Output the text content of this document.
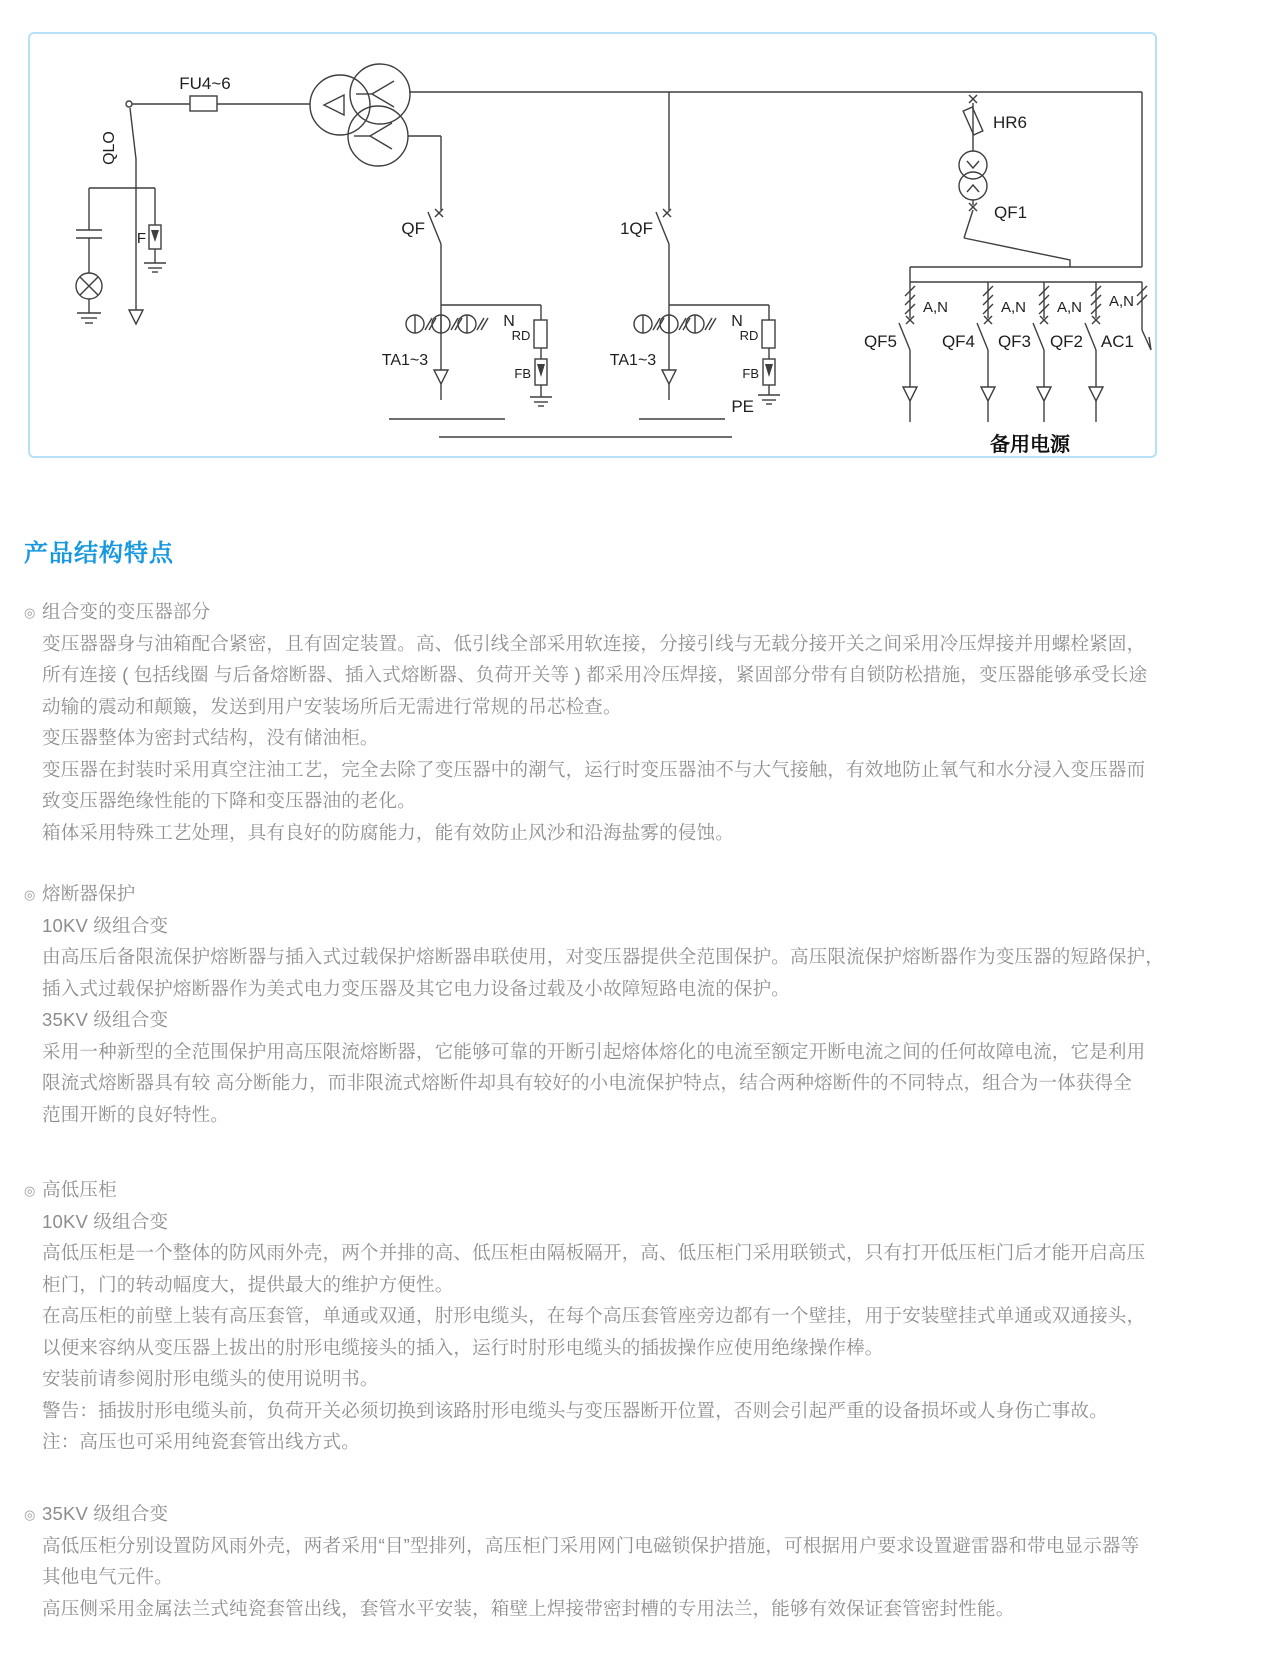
FU4~6
QLO
F
QF
TA1~3
N
RD
FB
1QF
TA1~3
N
RD
FB
PE
HR6
QF1
A,N	A,N A,N A,N
QF5	QF4 QF3 QF2 AC1
备用电源
产品结构特点
◎ 组合变的变压器部分
变压器器身与油箱配合紧密，且有固定装置。高、低引线全部采用软连接，分接引线与无载分接开关之间采用冷压焊接并用螺栓紧固，
所有连接 ( 包括线圈 与后备熔断器、插入式熔断器、负荷开关等 ) 都采用冷压焊接，紧固部分带有自锁防松措施，变压器能够承受长途
动输的震动和颠簸，发送到用户安装场所后无需进行常规的吊芯检查。
变压器整体为密封式结构，没有储油柜。
变压器在封装时采用真空注油工艺，完全去除了变压器中的潮气，运行时变压器油不与大气接触，有效地防止氧气和水分浸入变压器而
致变压器绝缘性能的下降和变压器油的老化。
箱体采用特殊工艺处理，具有良好的防腐能力，能有效防止风沙和沿海盐雾的侵蚀。
◎ 熔断器保护
10KV 级组合变
由高压后备限流保护熔断器与插入式过载保护熔断器串联使用，对变压器提供全范围保护。高压限流保护熔断器作为变压器的短路保护，
插入式过载保护熔断器作为美式电力变压器及其它电力设备过载及小故障短路电流的保护。
35KV 级组合变
采用一种新型的全范围保护用高压限流熔断器，它能够可靠的开断引起熔体熔化的电流至额定开断电流之间的任何故障电流，它是利用
限流式熔断器具有较 高分断能力，而非限流式熔断件却具有较好的小电流保护特点，结合两种熔断件的不同特点，组合为一体获得全
范围开断的良好特性。
◎ 高低压柜
10KV 级组合变
高低压柜是一个整体的防风雨外壳，两个并排的高、低压柜由隔板隔开，高、低压柜门采用联锁式，只有打开低压柜门后才能开启高压
柜门，门的转动幅度大，提供最大的维护方便性。
在高压柜的前壁上装有高压套管，单通或双通，肘形电缆头，在每个高压套管座旁边都有一个壁挂，用于安装壁挂式单通或双通接头，
以便来容纳从变压器上拔出的肘形电缆接头的插入，运行时肘形电缆头的插拔操作应使用绝缘操作棒。
安装前请参阅肘形电缆头的使用说明书。
警告：插拔肘形电缆头前，负荷开关必须切换到该路肘形电缆头与变压器断开位置，否则会引起严重的设备损坏或人身伤亡事故。
注：高压也可采用纯瓷套管出线方式。
◎ 35KV 级组合变
高低压柜分别设置防风雨外壳，两者采用“目”型排列，高压柜门采用网门电磁锁保护措施，可根据用户要求设置避雷器和带电显示器等
其他电气元件。
高压侧采用金属法兰式纯瓷套管出线，套管水平安装，箱壁上焊接带密封槽的专用法兰，能够有效保证套管密封性能。
